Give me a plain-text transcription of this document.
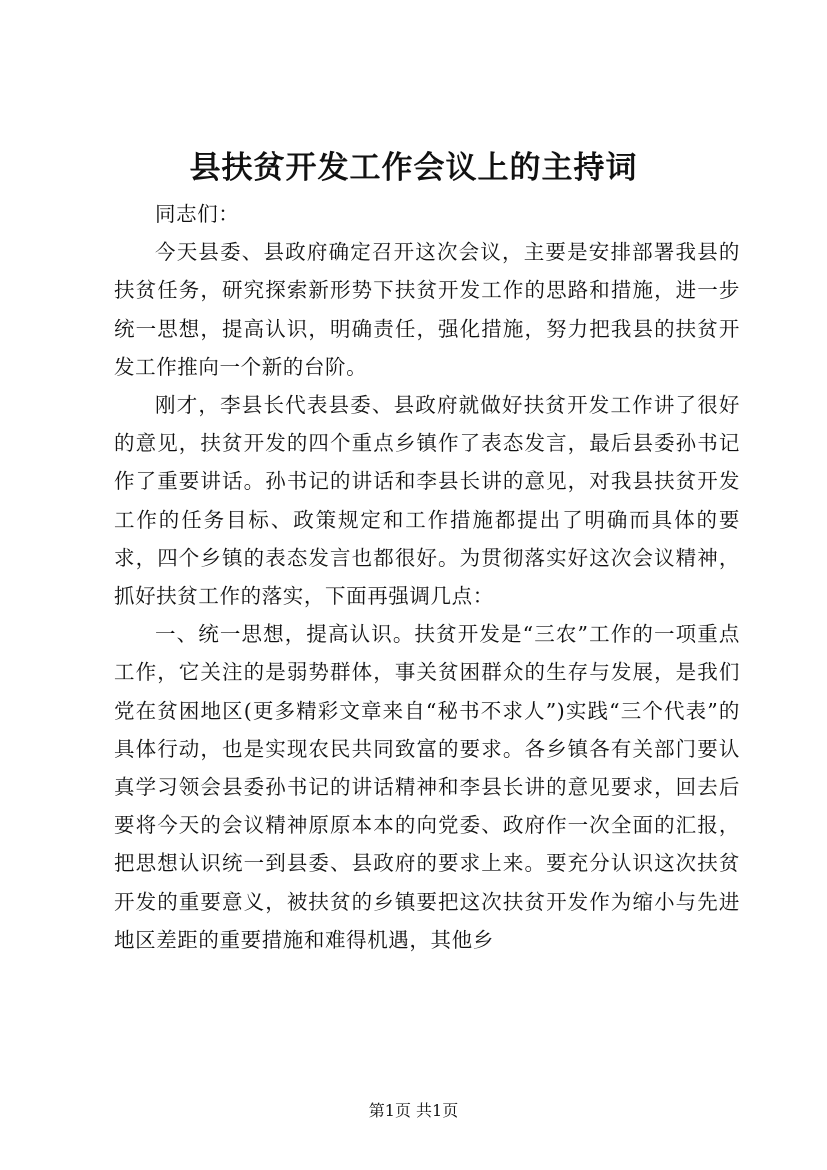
县扶贫开发工作会议上的主持词

同志们：

今天县委、县政府确定召开这次会议，主要是安排部署我县的扶贫任务，研究探索新形势下扶贫开发工作的思路和措施，进一步统一思想，提高认识，明确责任，强化措施，努力把我县的扶贫开发工作推向一个新的台阶。

刚才，李县长代表县委、县政府就做好扶贫开发工作讲了很好的意见，扶贫开发的四个重点乡镇作了表态发言，最后县委孙书记作了重要讲话。孙书记的讲话和李县长讲的意见，对我县扶贫开发工作的任务目标、政策规定和工作措施都提出了明确而具体的要求，四个乡镇的表态发言也都很好。为贯彻落实好这次会议精神，抓好扶贫工作的落实，下面再强调几点：

一、统一思想，提高认识。扶贫开发是“三农”工作的一项重点工作，它关注的是弱势群体，事关贫困群众的生存与发展，是我们党在贫困地区(更多精彩文章来自“秘书不求人”)实践“三个代表”的具体行动，也是实现农民共同致富的要求。各乡镇各有关部门要认真学习领会县委孙书记的讲话精神和李县长讲的意见要求，回去后要将今天的会议精神原原本本的向党委、政府作一次全面的汇报，把思想认识统一到县委、县政府的要求上来。要充分认识这次扶贫开发的重要意义，被扶贫的乡镇要把这次扶贫开发作为缩小与先进地区差距的重要措施和难得机遇，其他乡

第1页 共1页
